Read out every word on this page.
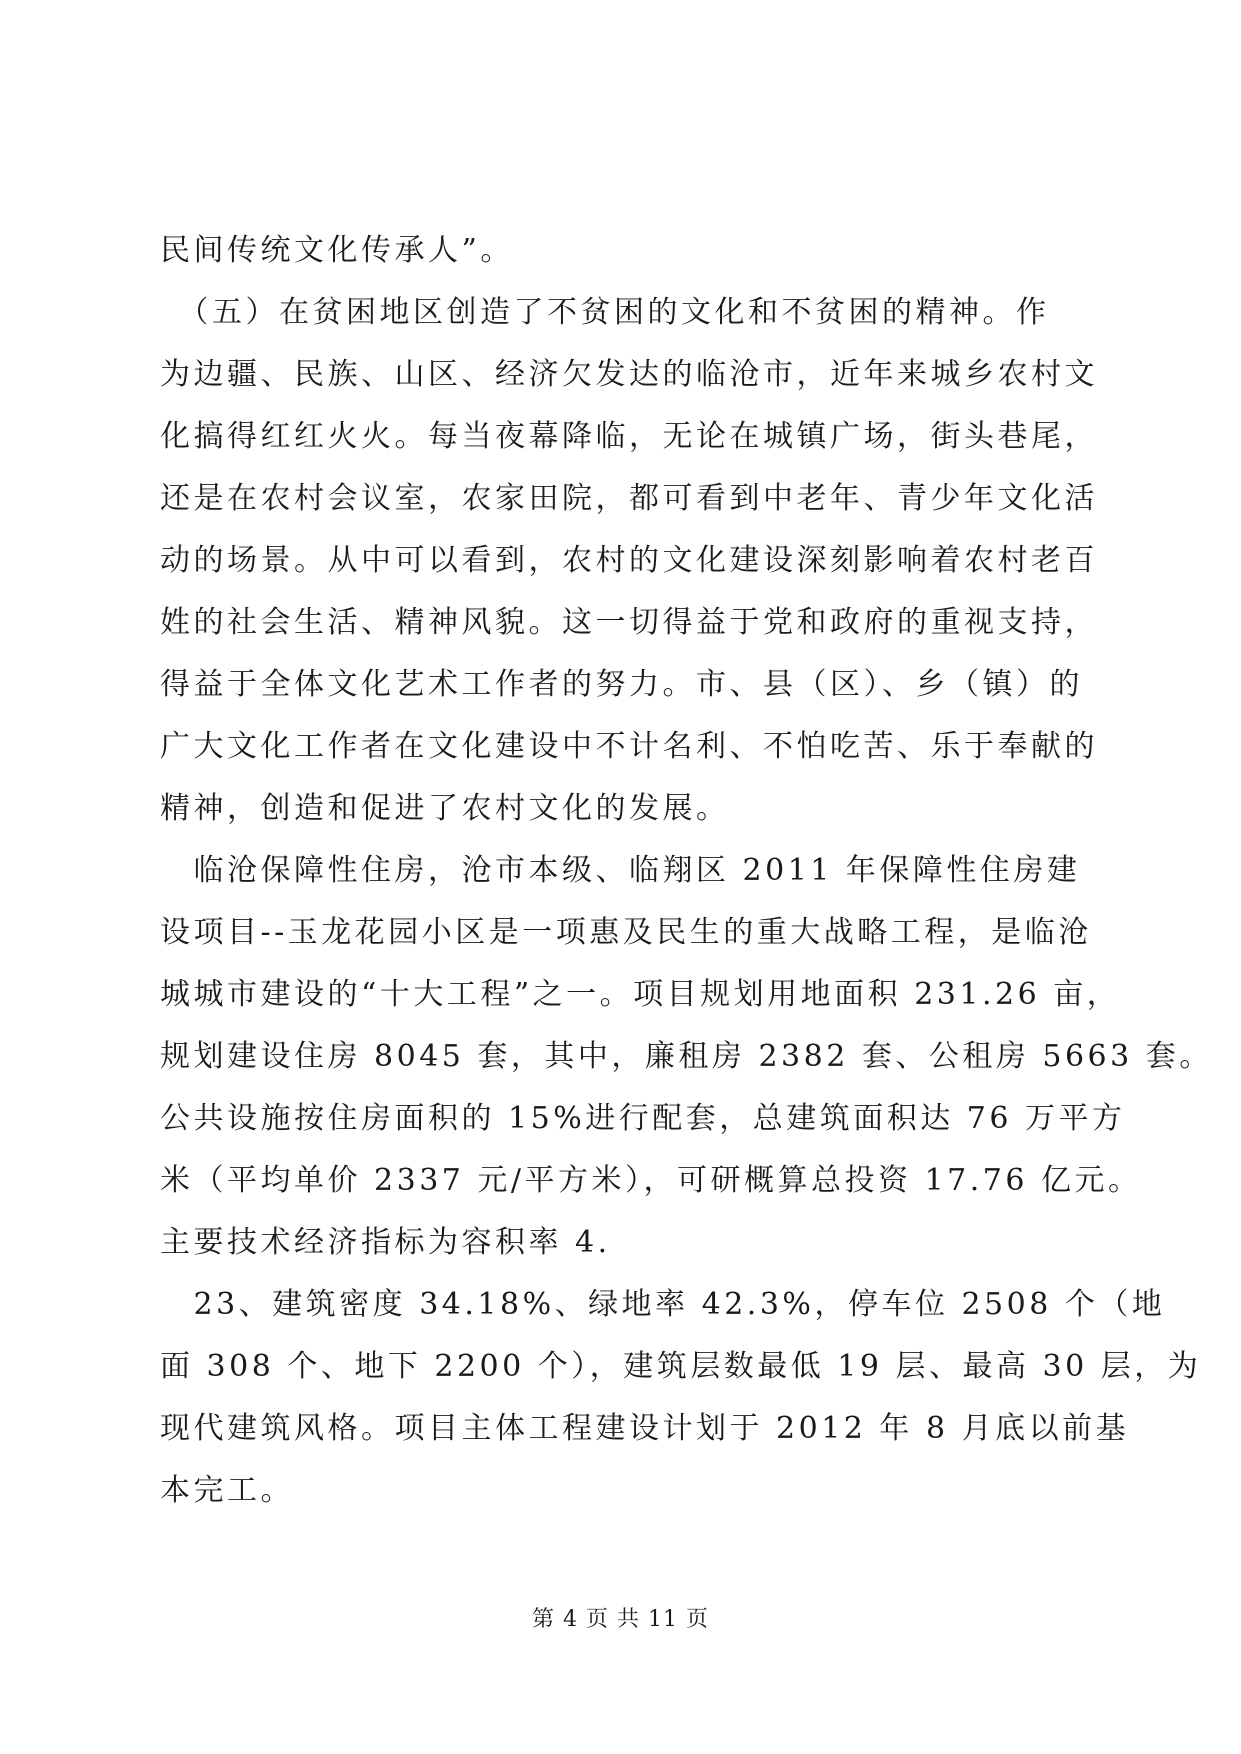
民间传统文化传承人”。
　（五）在贫困地区创造了不贫困的文化和不贫困的精神。作
为边疆、民族、山区、经济欠发达的临沧市，近年来城乡农村文
化搞得红红火火。每当夜幕降临，无论在城镇广场，街头巷尾，
还是在农村会议室，农家田院，都可看到中老年、青少年文化活
动的场景。从中可以看到，农村的文化建设深刻影响着农村老百
姓的社会生活、精神风貌。这一切得益于党和政府的重视支持，
得益于全体文化艺术工作者的努力。市、县（区）、乡（镇）的
广大文化工作者在文化建设中不计名利、不怕吃苦、乐于奉献的
精神，创造和促进了农村文化的发展。
　临沧保障性住房，沧市本级、临翔区 2011 年保障性住房建
设项目--玉龙花园小区是一项惠及民生的重大战略工程，是临沧
城城市建设的“十大工程”之一。项目规划用地面积 231.26 亩，
规划建设住房 8045 套，其中，廉租房 2382 套、公租房 5663 套。
公共设施按住房面积的 15%进行配套，总建筑面积达 76 万平方
米（平均单价 2337 元/平方米），可研概算总投资 17.76 亿元。
主要技术经济指标为容积率 4.
　23、建筑密度 34.18%、绿地率 42.3%，停车位 2508 个（地
面 308 个、地下 2200 个），建筑层数最低 19 层、最高 30 层，为
现代建筑风格。项目主体工程建设计划于 2012 年 8 月底以前基
本完工。
第 4 页 共 11 页
